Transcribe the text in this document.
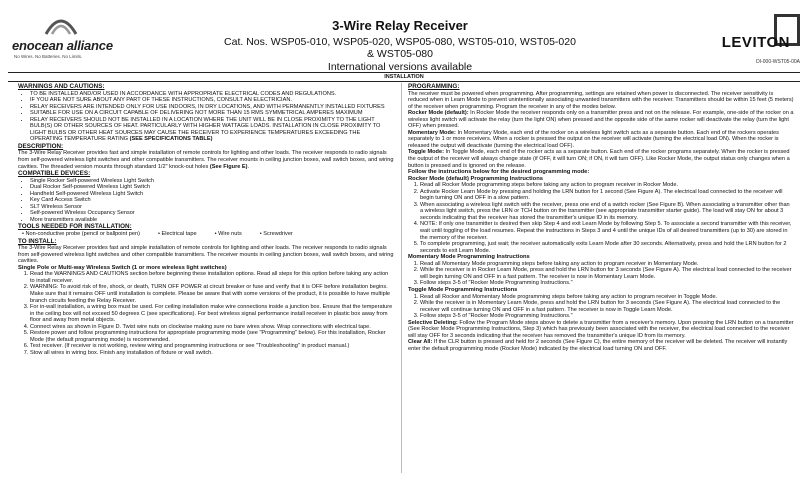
enocean alliance
No Wires. No Batteries. No Limits.
3-Wire Relay Receiver
Cat. Nos. WSP05-010, WSP05-020, WSP05-080, WST05-010, WST05-020 & WST05-080
International versions available
LEVITON
DI-000-WST05-00A
INSTALLATION
WARNINGS AND CAUTIONS:
• TO BE INSTALLED AND/OR USED IN ACCORDANCE WITH APPROPRIATE ELECTRICAL CODES AND REGULATIONS.
• IF YOU ARE NOT SURE ABOUT ANY PART OF THESE INSTRUCTIONS, CONSULT AN ELECTRICIAN.
• RELAY RECEIVERS ARE INTENDED ONLY FOR USE INDOORS, IN DRY LOCATIONS, AND WITH PERMANENTLY INSTALLED FIXTURES
• SUITABLE FOR USE ON A CIRCUIT CAPABLE OF DELIVERING NOT MORE THAN 15 RMS SYMMETRICAL AMPERES MAXIMUM
• RELAY RECEIVERS SHOULD NOT BE INSTALLED IN A LOCATION WHERE THE UNIT WILL BE IN CLOSE PROXIMITY TO THE LIGHT BULB(S) OR OTHER SOURCES OF HEAT. PARTICULARLY WITH HIGHER WATTAGE LOADS. INSTALLATION IN CLOSE PROXIMITY TO LIGHT BULBS OR OTHER HEAT SOURCES MAY CAUSE THE RECEIVER TO EXPERIENCE TEMPERATURES EXCEEDING THE OPERATING TEMPERATURE RATING (SEE SPECIFICATIONS TABLE)
DESCRIPTION:

The 3-Wire Relay Receiver provides fast and simple installation of remote controls for lighting and other loads. The receiver responds to radio signals from self-powered wireless light switches and other compatible transmitters. The receiver mounts in ceiling junction boxes, wall switch boxes, and wiring cavities. The threaded version mounts through standard 1/2" knock-out holes (See Figure E).

COMPATIBLE DEVICES:
• Single Rocker Self-powered Wireless Light Switch
• Dual Rocker Self-powered Wireless Light Switch
• Handheld Self-powered Wireless Light Switch
• Key Card Access Switch
• SLT Wireless Sensor
• Self-powered Wireless Occupancy Sensor
• More transmitters available
TOOLS NEEDED FOR INSTALLATION:
• Non-conductive probe (pencil or ballpoint pen)	• Electrical tape	• Wire nuts	• Screwdriver
TO INSTALL:

The 3-Wire Relay Receiver provides fast and simple installation of remote controls for lighting and other loads. The receiver responds to radio signals from self-powered wireless light switches and other compatible transmitters. The receiver mounts in ceiling junction boxes, wall switch boxes, and wiring cavities.

Single Pole or Multi-way Wireless Switch (1 or more wireless light switches)
1. Read the WARNINGS AND CAUTIONS section before beginning these installation options. Read all steps for this option before taking any action to install receiver.
2. WARNING: To avoid risk of fire, shock, or death, TURN OFF POWER at circuit breaker or fuse and verify that it is OFF before installation begins. Make sure that it remains OFF until installation is complete. Please be aware that with some versions of the product, it is possible to have multiple branch circuits feeding the Relay Receiver.
3. For in-wall installation, a wiring box must be used. For ceiling installation make wire connections inside a junction box. Ensure that the temperature in the ceiling box will not exceed 50 degrees C (see specifications). For best wireless signal performance install receiver in plastic box away from floor and away from metal objects.
4. Connect wires as shown in Figure D. Twist wire nuts on clockwise making sure no bare wires show. Wrap connections with electrical tape.
5. Restore power and follow programming instructions for appropriate programming mode (see "Programming" below). For this installation, Rocker Mode (the default programming mode) is recommended.
6. Test receiver. (If receiver is not working, review wiring and programming instructions or see "Troubleshooting" in product manual.)
7. Stow all wires in wiring box. Finish any installation of fixture or wall switch.
PROGRAMMING:

The receiver must be powered when programming. After programming, settings are retained when power is disconnected. The receiver sensitivity is reduced when in Learn Mode to prevent unintentionally associating unwanted transmitters with the receiver. Transmitters should be within 15 feet (5 meters) of the receiver when programming. Program the receiver in any of the modes below.

Rocker Mode (default): In Rocker Mode the receiver responds only on a transmitter press and not on the release. For example, one-side of the rocker on a wireless light switch will activate the relay (turn the light ON) when pressed and the opposite side of the same rocker will deactivate the relay (turn the light OFF) when pressed.

Momentary Mode: In Momentary Mode, each end of the rocker on a wireless light switch acts as a separate button. Each end of the rockers operates separately to 1 or more receivers. When a rocker is pressed the output on the receiver will activate (turning the electrical load ON). When the rocker is released the output will deactivate (turning the electrical load OFF).

Toggle Mode: In Toggle Mode, each end of the rocker acts as a separate button. Each end of the rocker programs separately. When the rocker is pressed the output of the receiver will always change state (if OFF, it will turn ON; if ON, it will turn OFF). Like Rocker Mode, the output status only changes when a button is pressed and is ignored on the release.

Follow the instructions below for the desired programming mode:
Rocker Mode (default) Programming Instructions
1. Read all Rocker Mode programming steps before taking any action to program receiver in Rocker Mode.
2. Activate Rocker Learn Mode by pressing and holding the LRN button for 1 second (See Figure A). The electrical load connected to the receiver will begin turning ON and OFF in a slow pattern.
3. When associating a wireless light switch with the receiver, press one end of a switch rocker (See Figure B). When associating a transmitter other than a wireless light switch, press the LRN or TCH button on the transmitter (see appropriate transmitter starter guide). The load will stay ON for about 3 seconds indicating that the receiver has stored the transmitter's unique ID in its memory.
4. NOTE: If only one transmitter is desired then skip Step 4 and exit Learn Mode by following Step 5. To associate a second transmitter with this receiver, wait until toggling of the load resumes. Repeat the instructions in Steps 3 and 4 until the unique IDs of all desired transmitters (up to 30) are stored in the memory of the receiver.
5. To complete programming, just wait; the receiver automatically exits Learn Mode after 30 seconds. Alternatively, press and hold the LRN button for 2 seconds to exit Learn Mode.
Momentary Mode Programming Instructions
1. Read all Momentary Mode programming steps before taking any action to program receiver in Momentary Mode.
2. While the receiver is in Rocker Learn Mode, press and hold the LRN button for 3 seconds (See Figure A). The electrical load connected to the receiver will begin turning ON and OFF in a fast pattern. The receiver is now in Momentary Learn Mode.
3. Follow steps 3-5 of "Rocker Mode Programming Instructions."
Toggle Mode Programming Instructions
1. Read all Rocker and Momentary Mode programming steps before taking any action to program receiver in Toggle Mode.
2. While the receiver is in Momentary Learn Mode, press and hold the LRN button for 3 seconds (See Figure A). The electrical load connected to the receiver will continue turning ON and OFF in a fast pattern. The receiver is now in Toggle Learn Mode.
3. Follow steps 3-5 of "Rocker Mode Programming Instructions."

Selective Deleting: Follow the Program Mode steps above to delete a transmitter from a receiver's memory. Upon pressing the LRN button on a transmitter (See Rocker Mode Programming Instructions, Step 3) which has previously been associated with the receiver, the electrical load connected to the receiver will stay OFF for 3 seconds indicating that the receiver has removed the transmitter's unique ID from its memory.

Clear All: If the CLR button is pressed and held for 2 seconds (See Figure C), the entire memory of the receiver will be deleted. The receiver will instantly enter the default programming mode (Rocker Mode) indicated by the electrical load turning ON and OFF.
